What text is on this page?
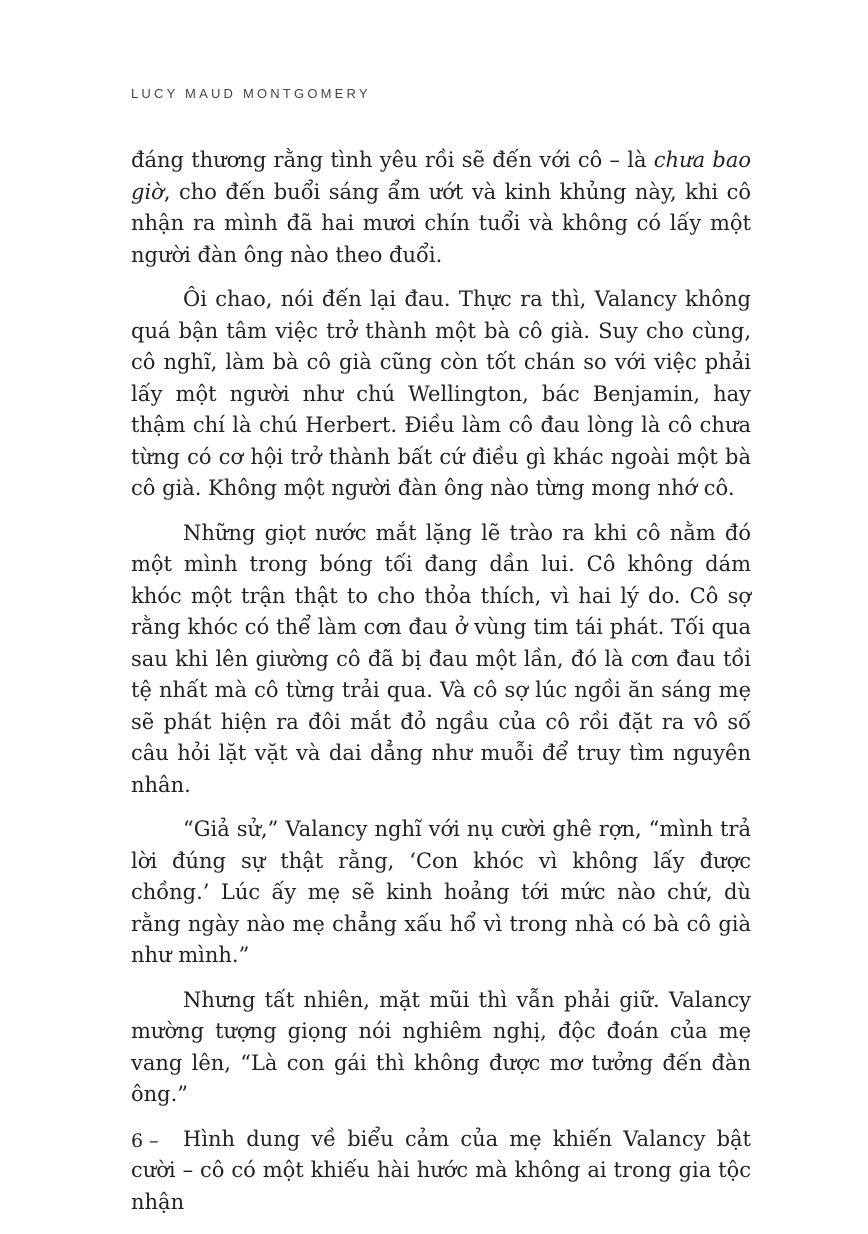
LUCY MAUD MONTGOMERY

đáng thương rằng tình yêu rồi sẽ đến với cô – là chưa bao giờ, cho đến buổi sáng ẩm ướt và kinh khủng này, khi cô nhận ra mình đã hai mươi chín tuổi và không có lấy một người đàn ông nào theo đuổi.

Ôi chao, nói đến lại đau. Thực ra thì, Valancy không quá bận tâm việc trở thành một bà cô già. Suy cho cùng, cô nghĩ, làm bà cô già cũng còn tốt chán so với việc phải lấy một người như chú Wellington, bác Benjamin, hay thậm chí là chú Herbert. Điều làm cô đau lòng là cô chưa từng có cơ hội trở thành bất cứ điều gì khác ngoài một bà cô già. Không một người đàn ông nào từng mong nhớ cô.

Những giọt nước mắt lặng lẽ trào ra khi cô nằm đó một mình trong bóng tối đang dần lui. Cô không dám khóc một trận thật to cho thỏa thích, vì hai lý do. Cô sợ rằng khóc có thể làm cơn đau ở vùng tim tái phát. Tối qua sau khi lên giường cô đã bị đau một lần, đó là cơn đau tồi tệ nhất mà cô từng trải qua. Và cô sợ lúc ngồi ăn sáng mẹ sẽ phát hiện ra đôi mắt đỏ ngầu của cô rồi đặt ra vô số câu hỏi lặt vặt và dai dẳng như muỗi để truy tìm nguyên nhân.

“Giả sử,” Valancy nghĩ với nụ cười ghê rợn, “mình trả lời đúng sự thật rằng, ‘Con khóc vì không lấy được chồng.’ Lúc ấy mẹ sẽ kinh hoảng tới mức nào chứ, dù rằng ngày nào mẹ chẳng xấu hổ vì trong nhà có bà cô già như mình.”

Nhưng tất nhiên, mặt mũi thì vẫn phải giữ. Valancy mường tượng giọng nói nghiêm nghị, độc đoán của mẹ vang lên, “Là con gái thì không được mơ tưởng đến đàn ông.”

Hình dung về biểu cảm của mẹ khiến Valancy bật cười – cô có một khiếu hài hước mà không ai trong gia tộc nhận

6 –
